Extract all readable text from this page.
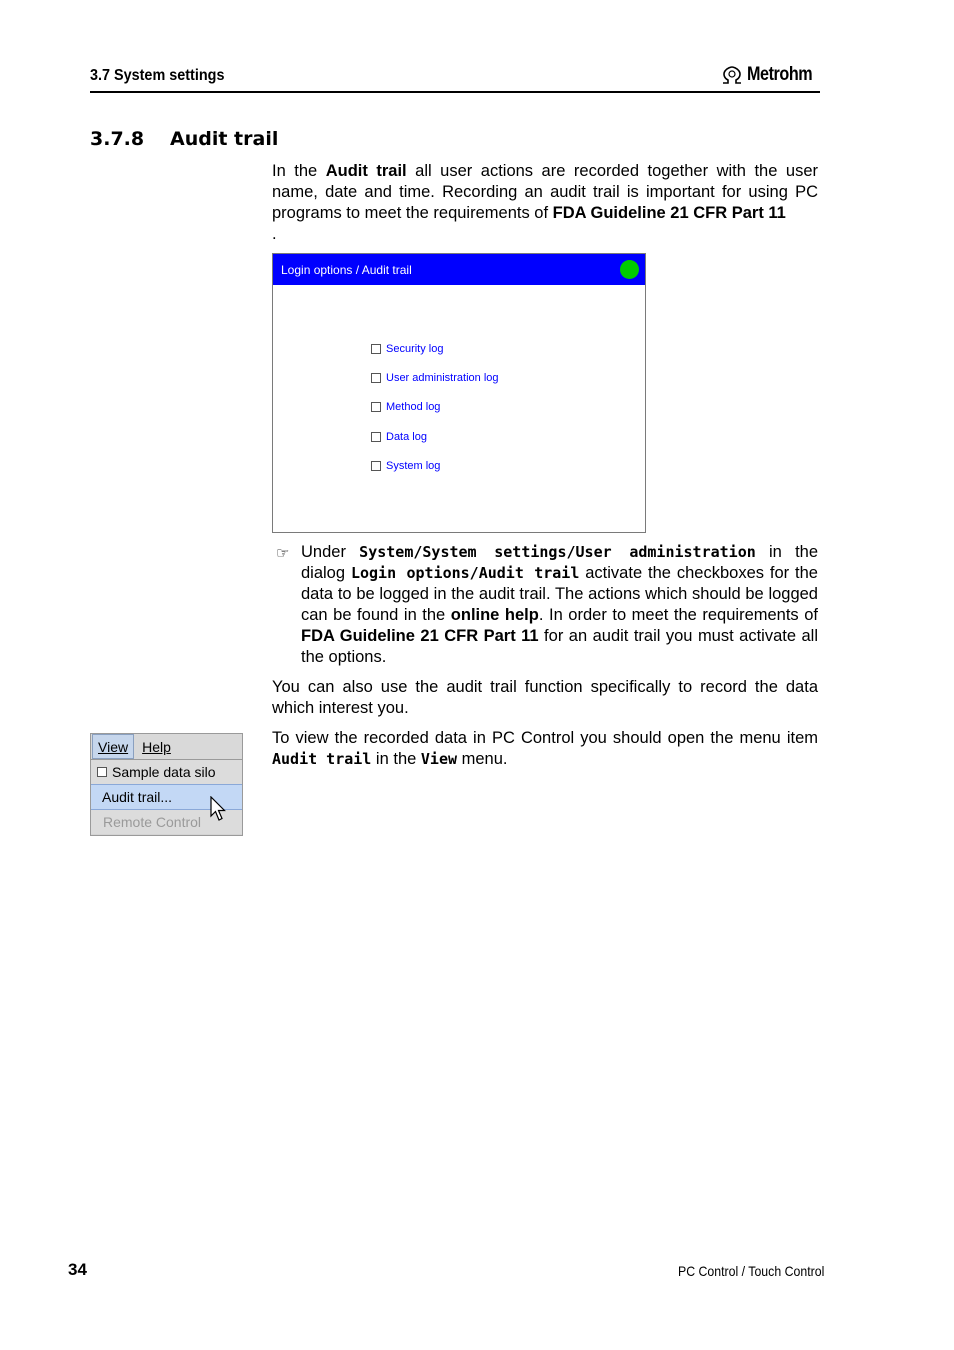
3.7 System settings	Metrohm
3.7.8 Audit trail
In the Audit trail all user actions are recorded together with the user name, date and time. Recording an audit trail is important for using PC programs to meet the requirements of FDA Guideline 21 CFR Part 11
.
Login options / Audit trail
Security log
User administration log
Method log
Data log
System log
☞ Under System/System settings/User administration in the dialog Login options/Audit trail activate the checkboxes for the data to be logged in the audit trail. The actions which should be logged can be found in the online help. In order to meet the requirements of FDA Guideline 21 CFR Part 11 for an audit trail you must activate all the options.
You can also use the audit trail function specifically to record the data which interest you.
To view the recorded data in PC Control you should open the menu item Audit trail in the View menu.
View	Help
Sample data silo
Audit trail...
Remote Control
34	PC Control / Touch Control
